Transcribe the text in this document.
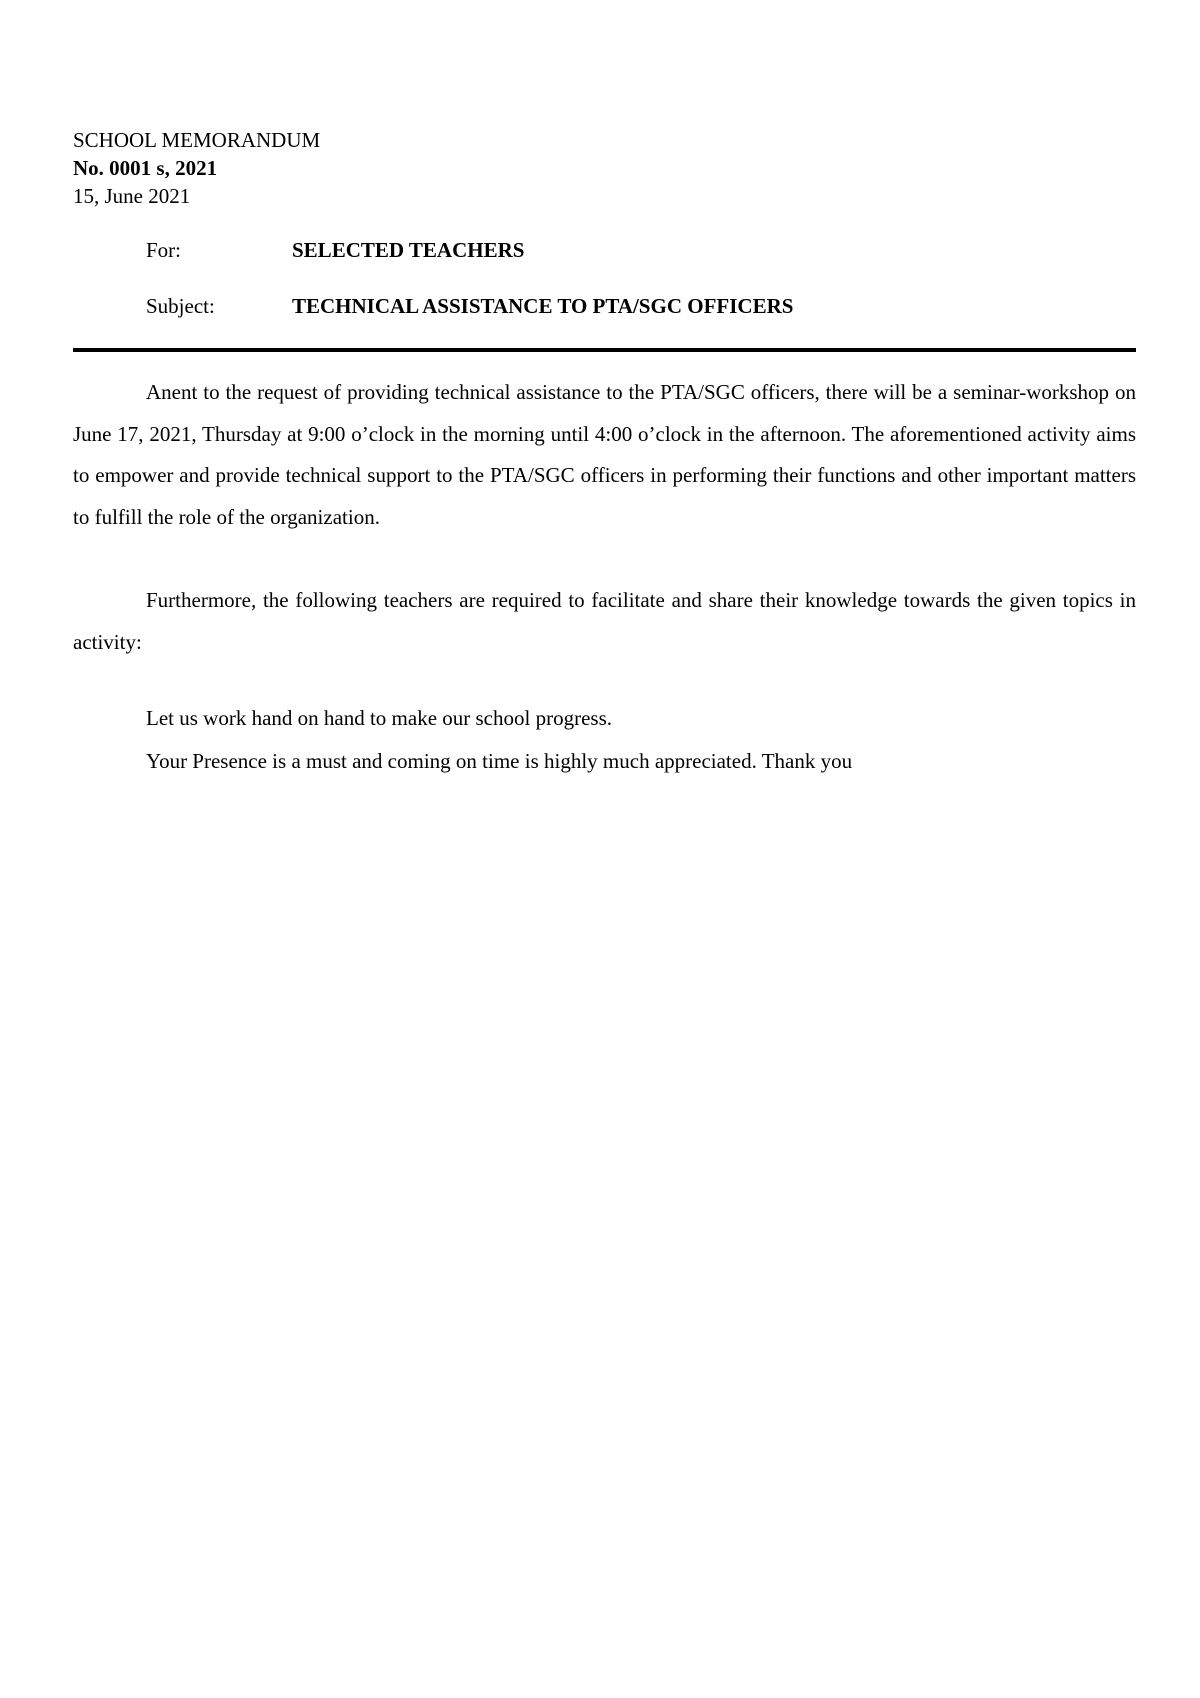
SCHOOL MEMORANDUM

No. 0001 s, 2021

15, June 2021

For:	SELECTED TEACHERS
Subject:	TECHNICAL ASSISTANCE TO PTA/SGC OFFICERS

Anent to the request of providing technical assistance to the PTA/SGC officers, there will be a seminar-workshop on June 17, 2021, Thursday at 9:00 o’clock in the morning until 4:00 o’clock in the afternoon. The aforementioned activity aims to empower and provide technical support to the PTA/SGC officers in performing their functions and other important matters to fulfill the role of the organization.

Furthermore, the following teachers are required to facilitate and share their knowledge towards the given topics in activity:

Let us work hand on hand to make our school progress.

Your Presence is a must and coming on time is highly much appreciated. Thank you
